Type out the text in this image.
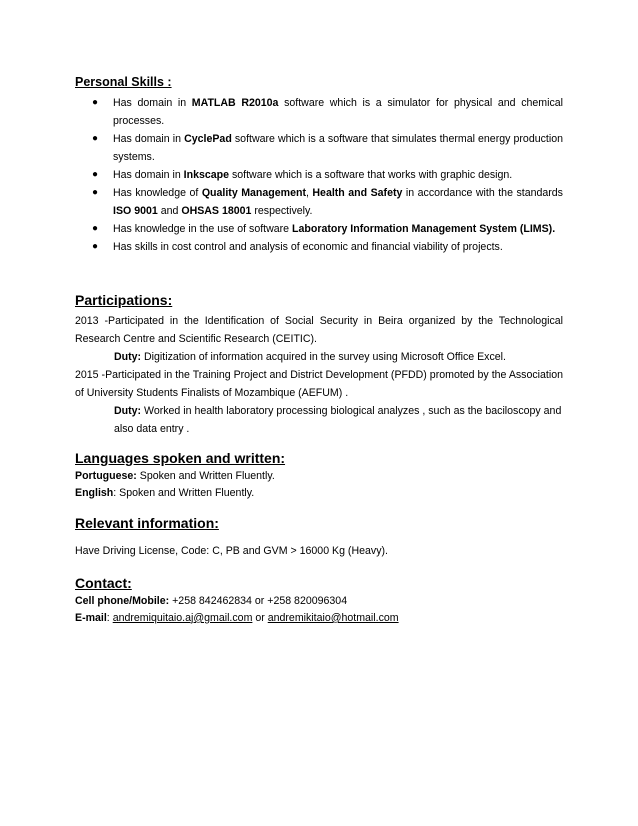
Personal Skills :

● Has domain in MATLAB R2010a software which is a simulator for physical and chemical processes.
● Has domain in CyclePad software which is a software that simulates thermal energy production systems.
● Has domain in Inkscape software which is a software that works with graphic design.
● Has knowledge of Quality Management, Health and Safety in accordance with the standards ISO 9001 and OHSAS 18001 respectively.
● Has knowledge in the use of software Laboratory Information Management System (LIMS).
● Has skills in cost control and analysis of economic and financial viability of projects.

Participations:

2013 -Participated in the Identification of Social Security in Beira organized by the Technological Research Centre and Scientific Research (CEITIC).

Duty: Digitization of information acquired in the survey using Microsoft Office Excel.

2015 -Participated in the Training Project and District Development (PFDD) promoted by the Association of University Students Finalists of Mozambique (AEFUM) .

Duty: Worked in health laboratory processing biological analyzes , such as the baciloscopy and also data entry .

Languages spoken and written:

Portuguese: Spoken and Written Fluently.

English: Spoken and Written Fluently.

Relevant information:

Have Driving License, Code: C, PB and GVM > 16000 Kg (Heavy).

Contact:

Cell phone/Mobile: +258 842462834 or +258 820096304

E-mail: andremiquitaio.aj@gmail.com or andremikitaio@hotmail.com
